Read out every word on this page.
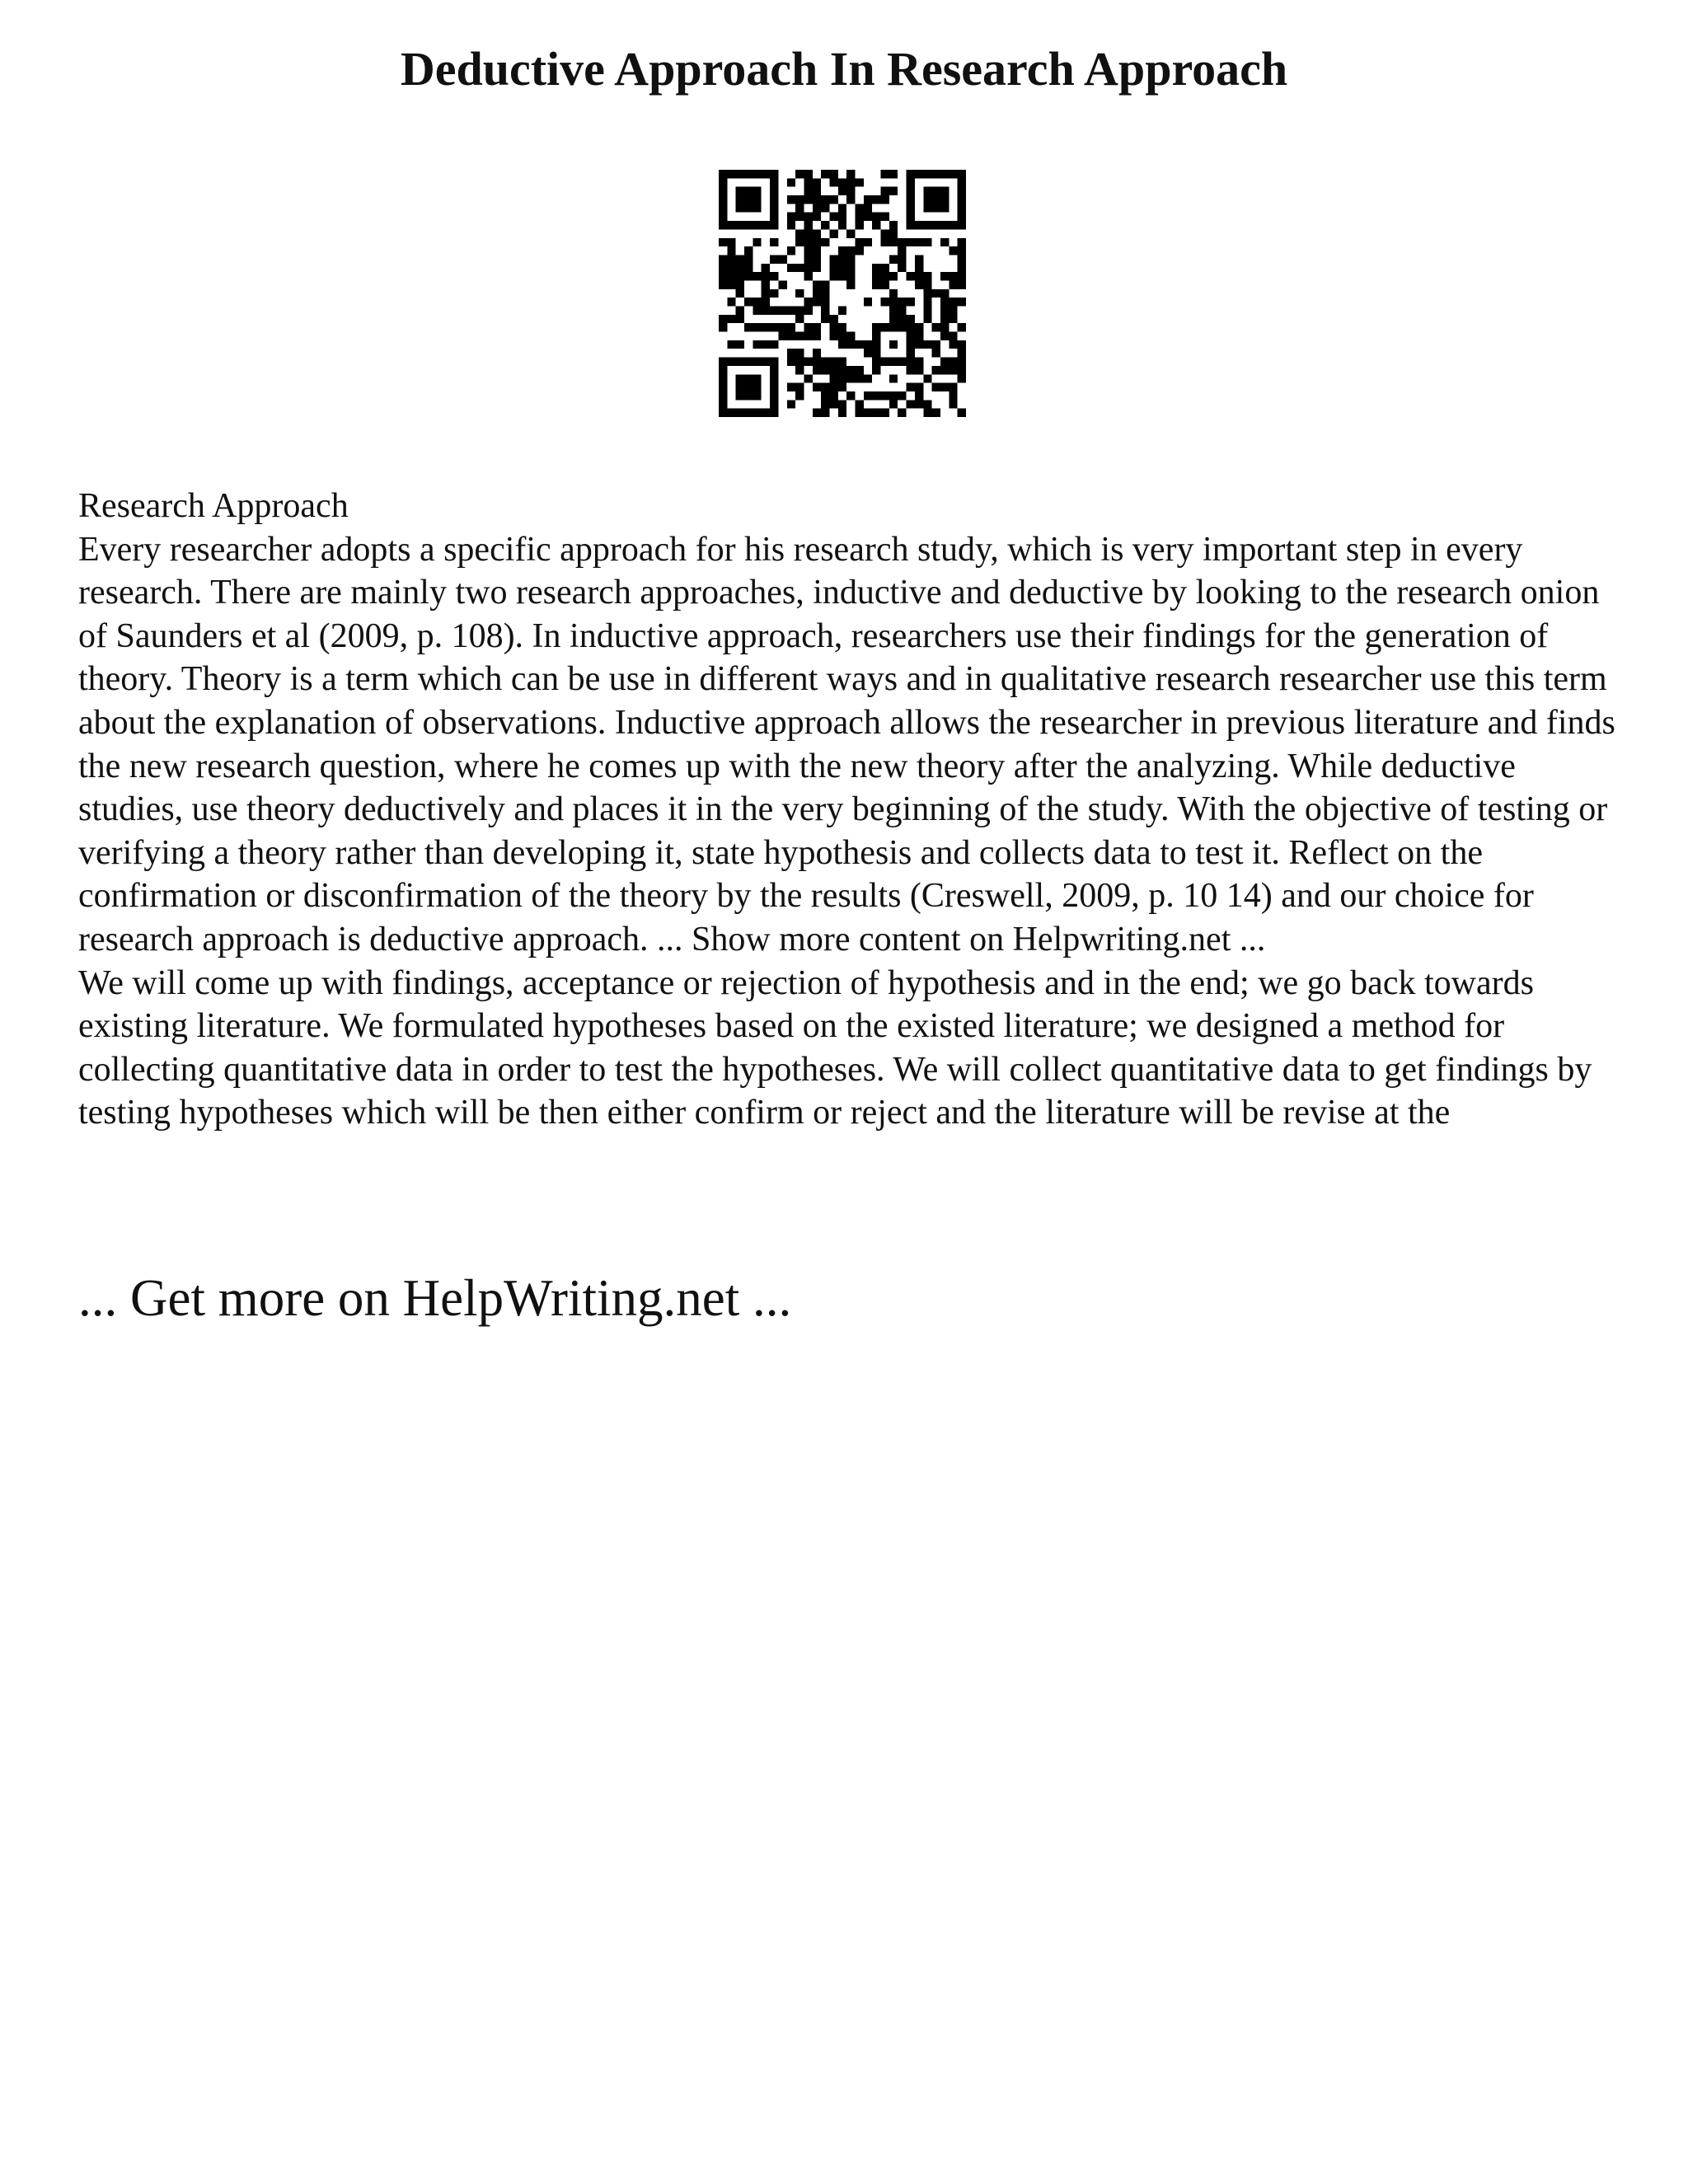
Deductive Approach In Research Approach

Research Approach

Every researcher adopts a specific approach for his research study, which is very important step in every research. There are mainly two research approaches, inductive and deductive by looking to the research onion of Saunders et al (2009, p. 108). In inductive approach, researchers use their findings for the generation of theory. Theory is a term which can be use in different ways and in qualitative research researcher use this term about the explanation of observations. Inductive approach allows the researcher in previous literature and finds the new research question, where he comes up with the new theory after the analyzing. While deductive studies, use theory deductively and places it in the very beginning of the study. With the objective of testing or verifying a theory rather than developing it, state hypothesis and collects data to test it. Reflect on the confirmation or disconfirmation of the theory by the results (Creswell, 2009, p. 10 14) and our choice for research approach is deductive approach. ... Show more content on Helpwriting.net ...

We will come up with findings, acceptance or rejection of hypothesis and in the end; we go back towards existing literature. We formulated hypotheses based on the existed literature; we designed a method for collecting quantitative data in order to test the hypotheses. We will collect quantitative data to get findings by testing hypotheses which will be then either confirm or reject and the literature will be revise at the

... Get more on HelpWriting.net ...
